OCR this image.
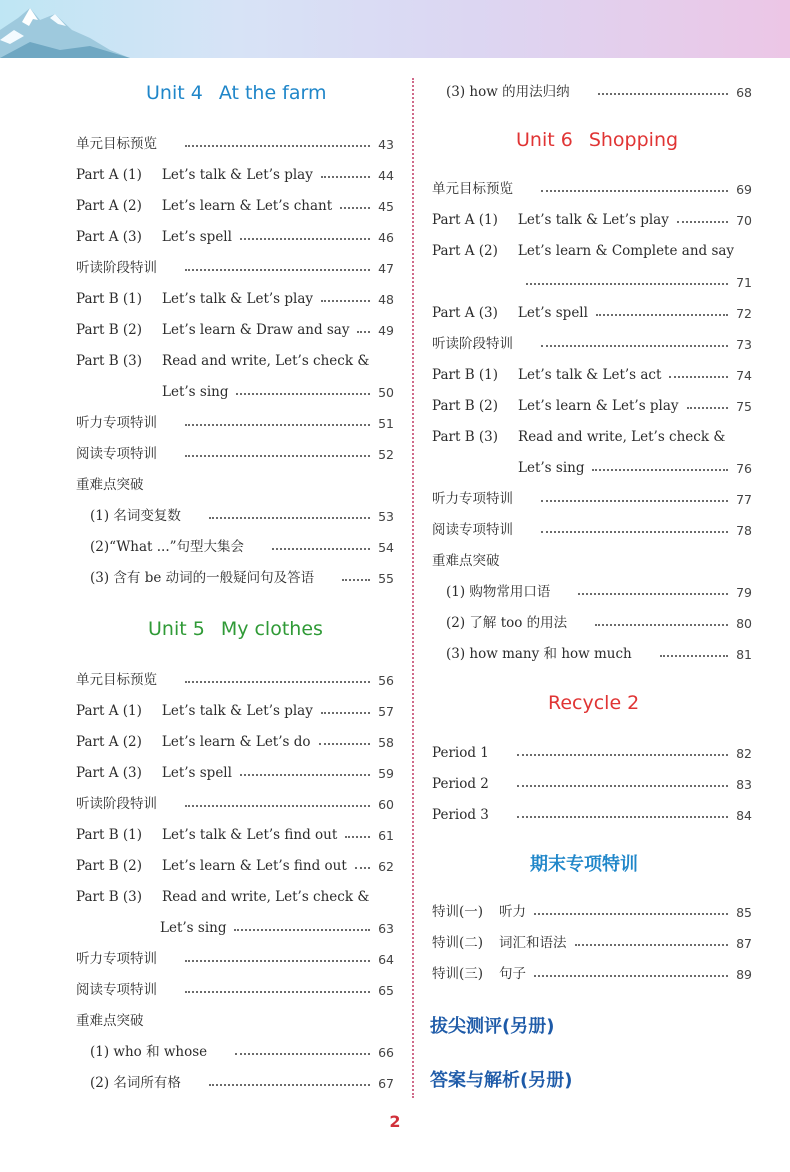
Unit 4 At the farm
单元目标预览	43
Part A (1) Let’s talk & Let’s play	44
Part A (2) Let’s learn & Let’s chant	45
Part A (3) Let’s spell	46
听读阶段特训	47
Part B (1) Let’s talk & Let’s play	48
Part B (2) Let’s learn & Draw and say 49
Part B (3) Read and write, Let’s check &
Let’s sing	50
听力专项特训	51
阅读专项特训	52
重难点突破
(1) 名词变复数	53
(2)“What ...”句型大集会	54
(3) 含有 be 动词的一般疑问句及答语	55
Unit 5 My clothes
单元目标预览	56
Part A (1) Let’s talk & Let’s play	57
Part A (2) Let’s learn & Let’s do	58
Part A (3) Let’s spell	59
听读阶段特训	60
Part B (1) Let’s talk & Let’s find out	61
Part B (2) Let’s learn & Let’s find out	62
Part B (3) Read and write, Let’s check &
Let’s sing	63
听力专项特训	64
阅读专项特训	65
重难点突破
(1) who 和 whose	66
(2) 名词所有格	67
(3) how 的用法归纳	68
Unit 6 Shopping
单元目标预览	69
Part A (1) Let’s talk & Let’s play	70
Part A (2) Let’s learn & Complete and say
71
Part A (3) Let’s spell	72
听读阶段特训	73
Part B (1) Let’s talk & Let’s act	74
Part B (2) Let’s learn & Let’s play	75
Part B (3) Read and write, Let’s check &
Let’s sing	76
听力专项特训	77
阅读专项特训	78
重难点突破
(1) 购物常用口语	79
(2) 了解 too 的用法	80
(3) how many 和 how much	81
Recycle 2
Period 1	82
Period 2	83
Period 3	84
期末专项特训
特训(一) 听力	85
特训(二) 词汇和语法	87
特训(三) 句子	89
拔尖测评(另册)
答案与解析(另册)
2
